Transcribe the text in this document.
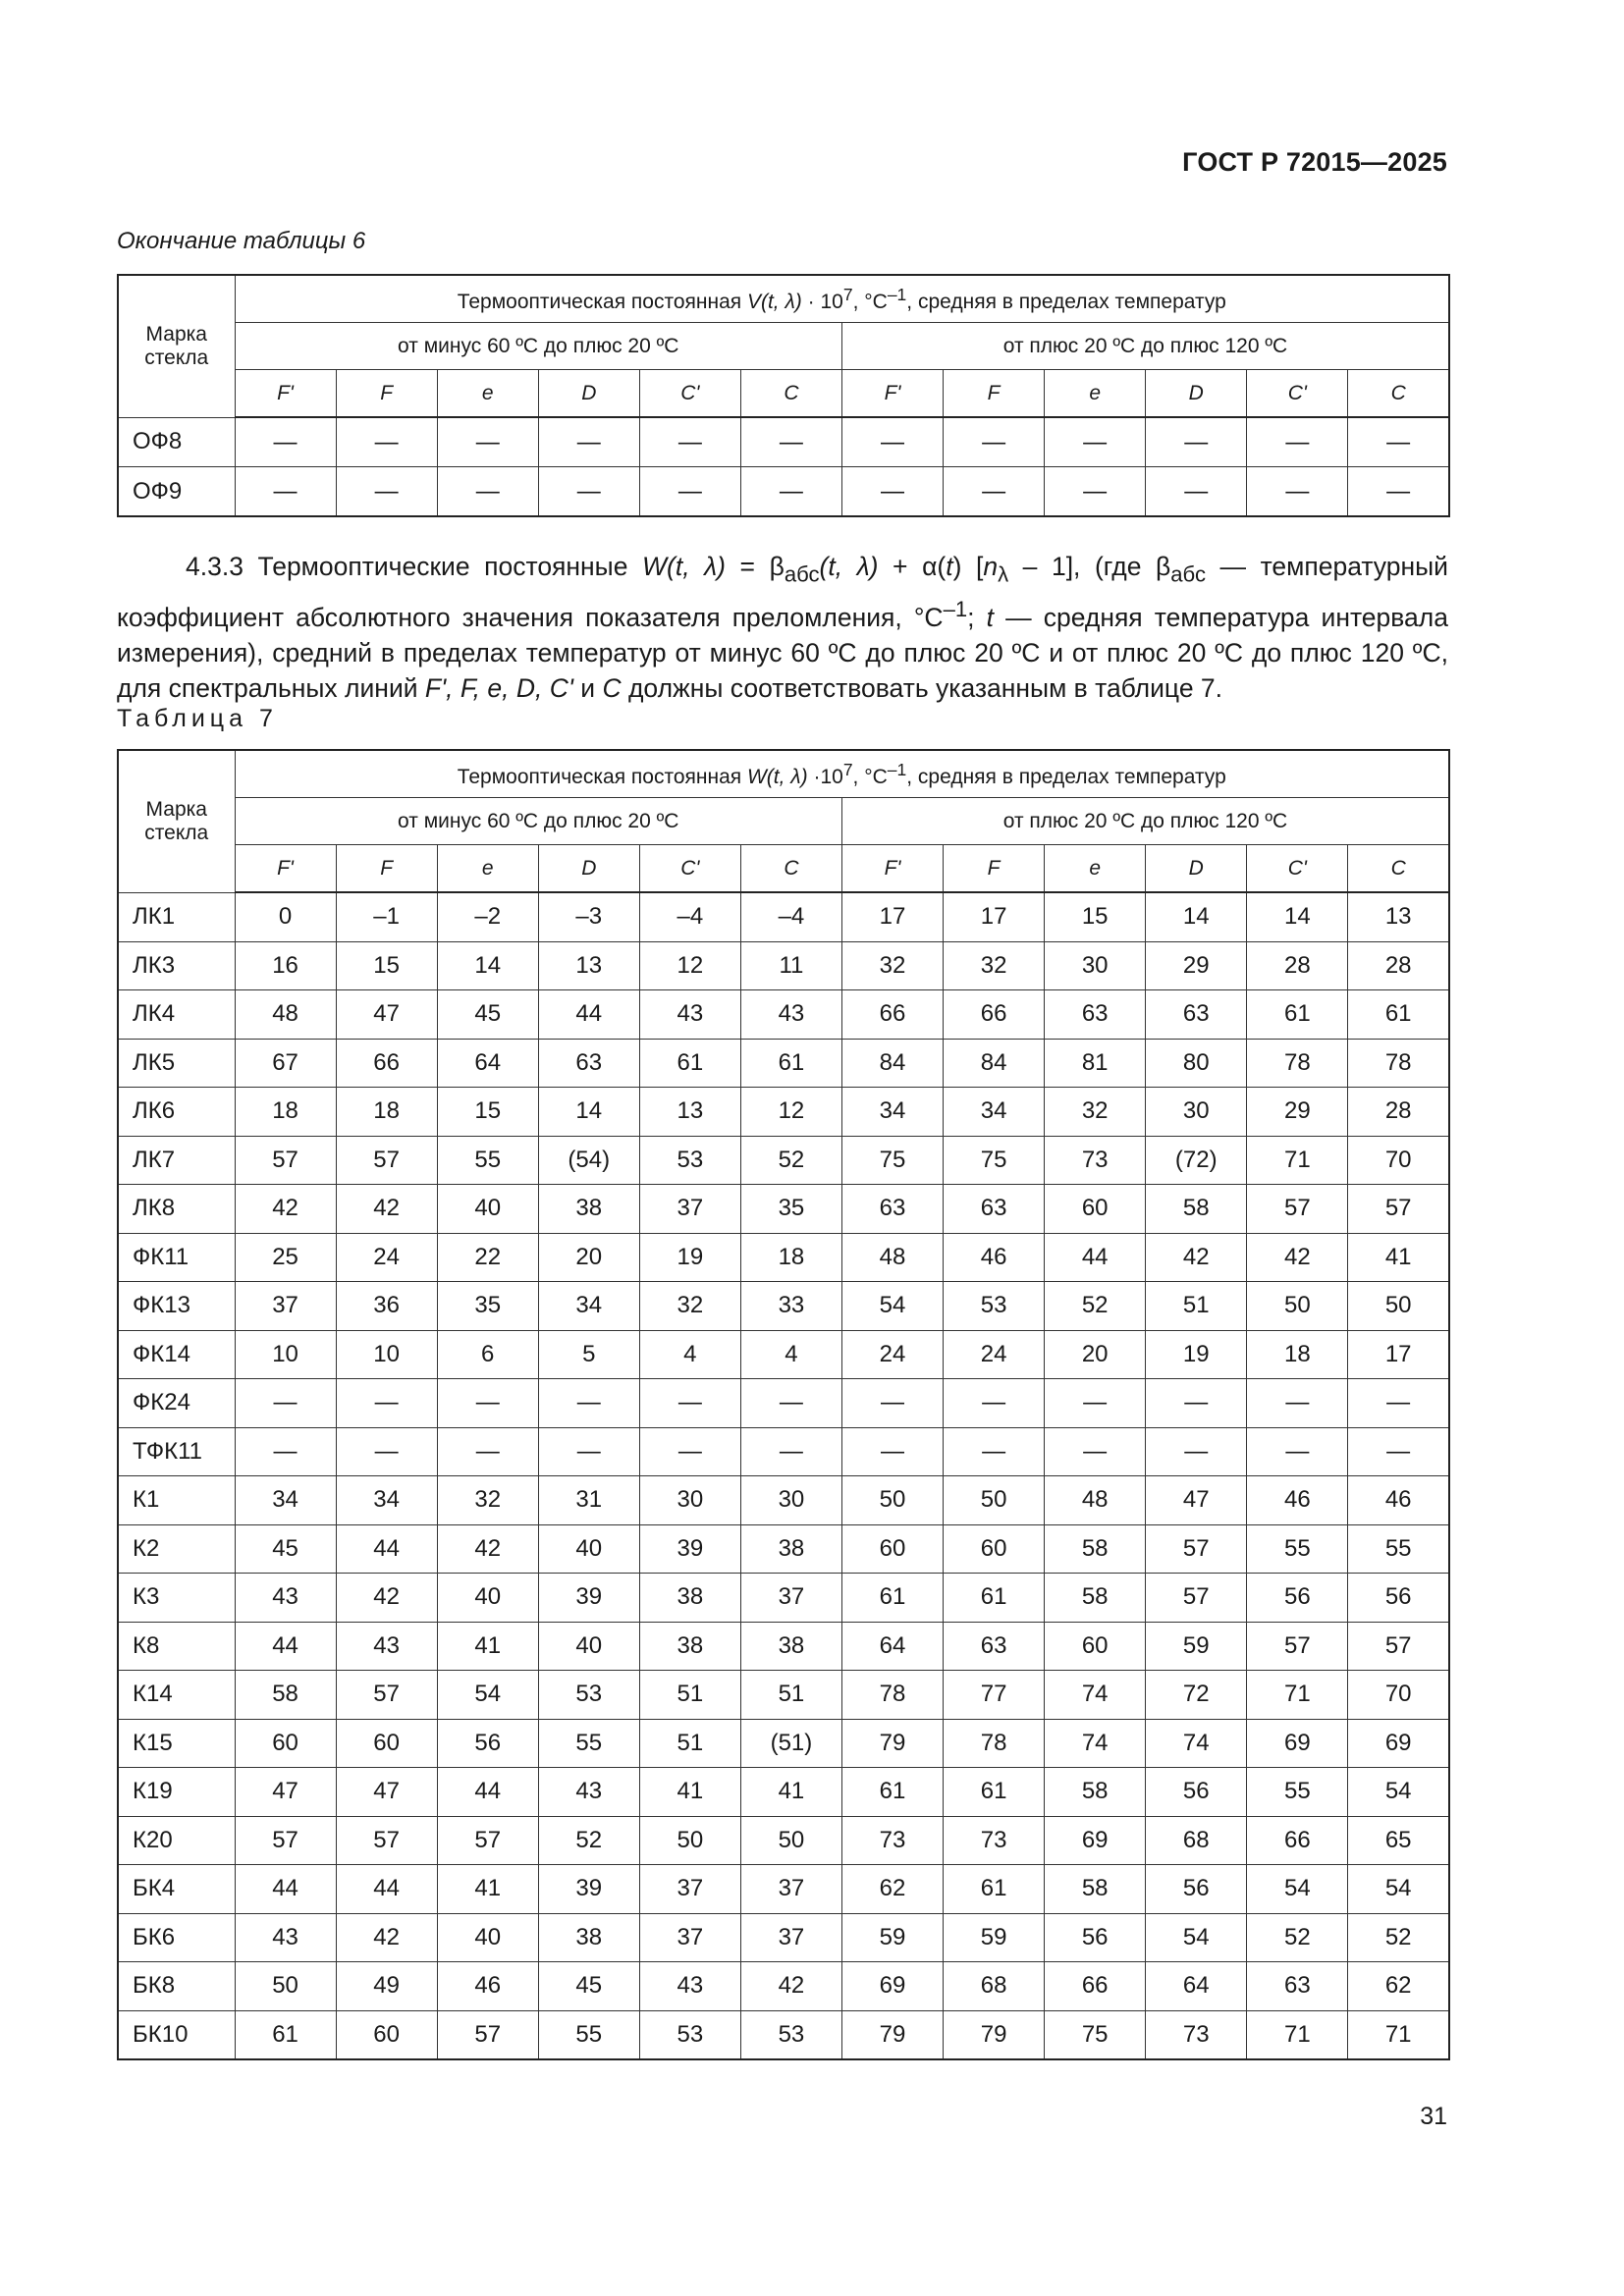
ГОСТ Р 72015—2025
Окончание таблицы 6
Марка стекла	Термооптическая постоянная V(t, $\lambda) \cdot 10^7$, $^\circ C^{-1}$, средняя в пределах температур											
	от минус 60 ºC до плюс 20 ºC						от плюс 20 ºC до плюс 120 ºC					
	F'	F	e	D	C'	C	F'	F	e	D	C'	C
ОФ8	—	—	—	—	—	—	—	—	—	—	—	—
ОФ9	—	—	—	—	—	—	—	—	—	—	—	—
4.3.3 Термооптические постоянные W(t, $\lambda) = \beta_{абс}(t$, λ) + α(t) $[n_\lambda - 1]$, (где $\beta_{абс}$ — температурный коэффициент абсолютного значения показателя преломления, $^\circ C^{-1}$; t — средняя температура интервала измерения), средний в пределах температур от минус 60 ºC до плюс 20 ºC и от плюс 20 ºC до плюс 120 ºC, для спектральных линий F', F, e, D, C' и C должны соответствовать указанным в таблице 7.
Таблица 7
Марка стекла	Термооптическая постоянная W(t, $\lambda) \cdot 10^7$, $^\circ C^{-1}$, средняя в пределах температур											
	от минус 60 ºC до плюс 20 ºC						от плюс 20 ºC до плюс 120 ºC					
	F'	F	e	D	C'	C	F'	F	e	D	C'	C
ЛК1	0	–1	–2	–3	–4	–4	17	17	15	14	14	13
ЛК3	16	15	14	13	12	11	32	32	30	29	28	28
ЛК4	48	47	45	44	43	43	66	66	63	63	61	61
ЛК5	67	66	64	63	61	61	84	84	81	80	78	78
ЛК6	18	18	15	14	13	12	34	34	32	30	29	28
ЛК7	57	57	55	(54)	53	52	75	75	73	(72)	71	70
ЛК8	42	42	40	38	37	35	63	63	60	58	57	57
ФК11	25	24	22	20	19	18	48	46	44	42	42	41
ФК13	37	36	35	34	32	33	54	53	52	51	50	50
ФК14	10	10	6	5	4	4	24	24	20	19	18	17
ФК24	—	—	—	—	—	—	—	—	—	—	—	—
ТФК11	—	—	—	—	—	—	—	—	—	—	—	—
К1	34	34	32	31	30	30	50	50	48	47	46	46
К2	45	44	42	40	39	38	60	60	58	57	55	55
К3	43	42	40	39	38	37	61	61	58	57	56	56
К8	44	43	41	40	38	38	64	63	60	59	57	57
К14	58	57	54	53	51	51	78	77	74	72	71	70
К15	60	60	56	55	51	(51)	79	78	74	74	69	69
К19	47	47	44	43	41	41	61	61	58	56	55	54
К20	57	57	57	52	50	50	73	73	69	68	66	65
БК4	44	44	41	39	37	37	62	61	58	56	54	54
БК6	43	42	40	38	37	37	59	59	56	54	52	52
БК8	50	49	46	45	43	42	69	68	66	64	63	62
БК10	61	60	57	55	53	53	79	79	75	73	71	71
31
